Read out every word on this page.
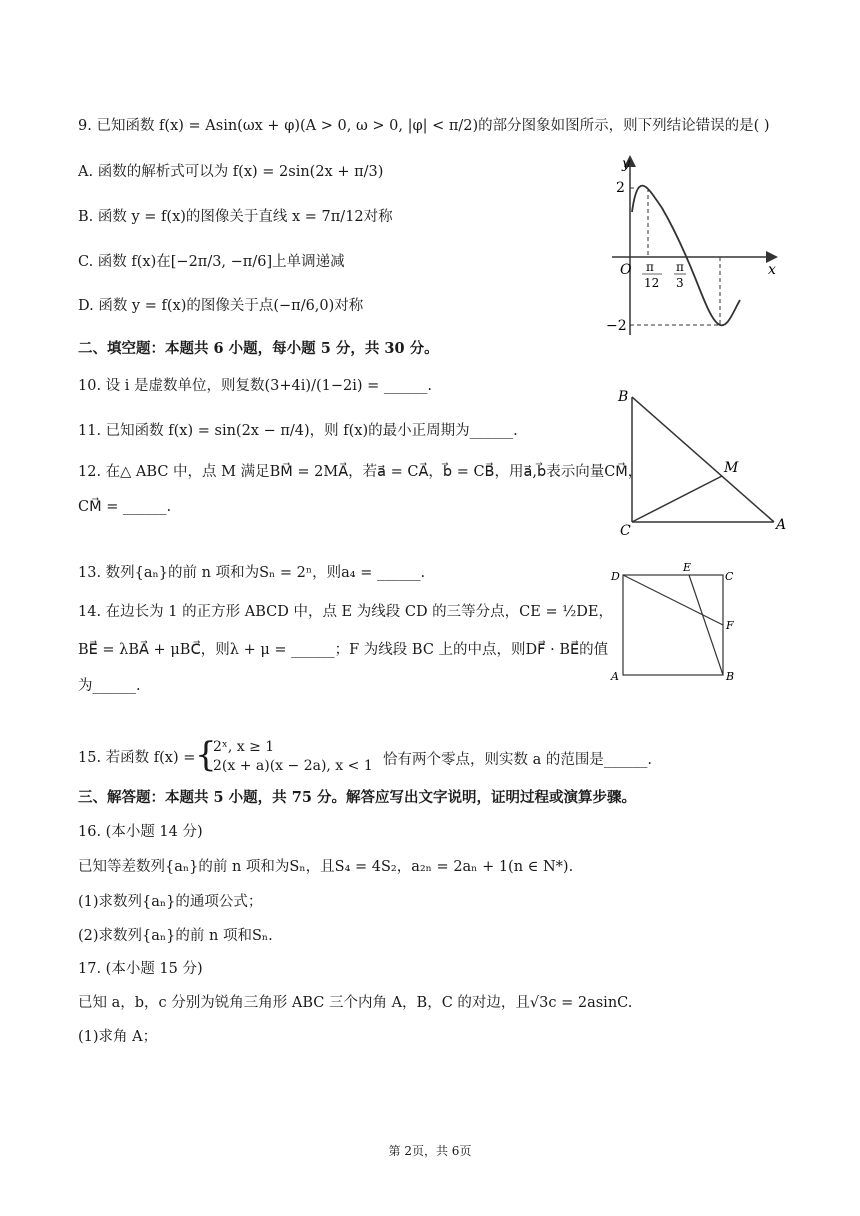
9. 已知函数 f(x) = Asin(ωx + φ)(A > 0, ω > 0, |φ| < π/2)的部分图象如图所示，则下列结论错误的是( )
A. 函数的解析式可以为 f(x) = 2sin(2x + π/3)
B. 函数 y = f(x)的图像关于直线 x = 7π/12对称
C. 函数 f(x)在[−2π/3, −π/6]上单调递减
D. 函数 y = f(x)的图像关于点(−π/6,0)对称
y
x
O
2
−2
π
12
π
3
二、填空题：本题共 6 小题，每小题 5 分，共 30 分。
10. 设 i 是虚数单位，则复数(3+4i)/(1−2i) = ______.
11. 已知函数 f(x) = sin(2x − π/4)，则 f(x)的最小正周期为______.
12. 在△ ABC 中，点 M 满足BM⃗ = 2MA⃗，若a⃗ = CA⃗，b⃗ = CB⃗，用a⃗,b⃗表示向量CM⃗，
CM⃗ = ______.
B
M
C	A
13. 数列{aₙ}的前 n 项和为Sₙ = 2ⁿ，则a₄ = ______.
14. 在边长为 1 的正方形 ABCD 中，点 E 为线段 CD 的三等分点，CE = ½DE，
BE⃗ = λBA⃗ + μBC⃗，则λ + μ = ______；F 为线段 BC 上的中点，则DF⃗ · BE⃗的值
为______.
D
E
C
F
A	B
15. 若函数 f(x) = {
2ˣ, x ≥ 1
2(x + a)(x − 2a), x < 1 恰有两个零点，则实数 a 的范围是______.
三、解答题：本题共 5 小题，共 75 分。解答应写出文字说明，证明过程或演算步骤。
16. (本小题 14 分)
已知等差数列{aₙ}的前 n 项和为Sₙ，且S₄ = 4S₂，a₂ₙ = 2aₙ + 1(n ∈ N*).
(1)求数列{aₙ}的通项公式；
(2)求数列{aₙ}的前 n 项和Sₙ.
17. (本小题 15 分)
已知 a，b，c 分别为锐角三角形 ABC 三个内角 A，B，C 的对边，且√3c = 2asinC.
(1)求角 A；
第 2页，共 6页
